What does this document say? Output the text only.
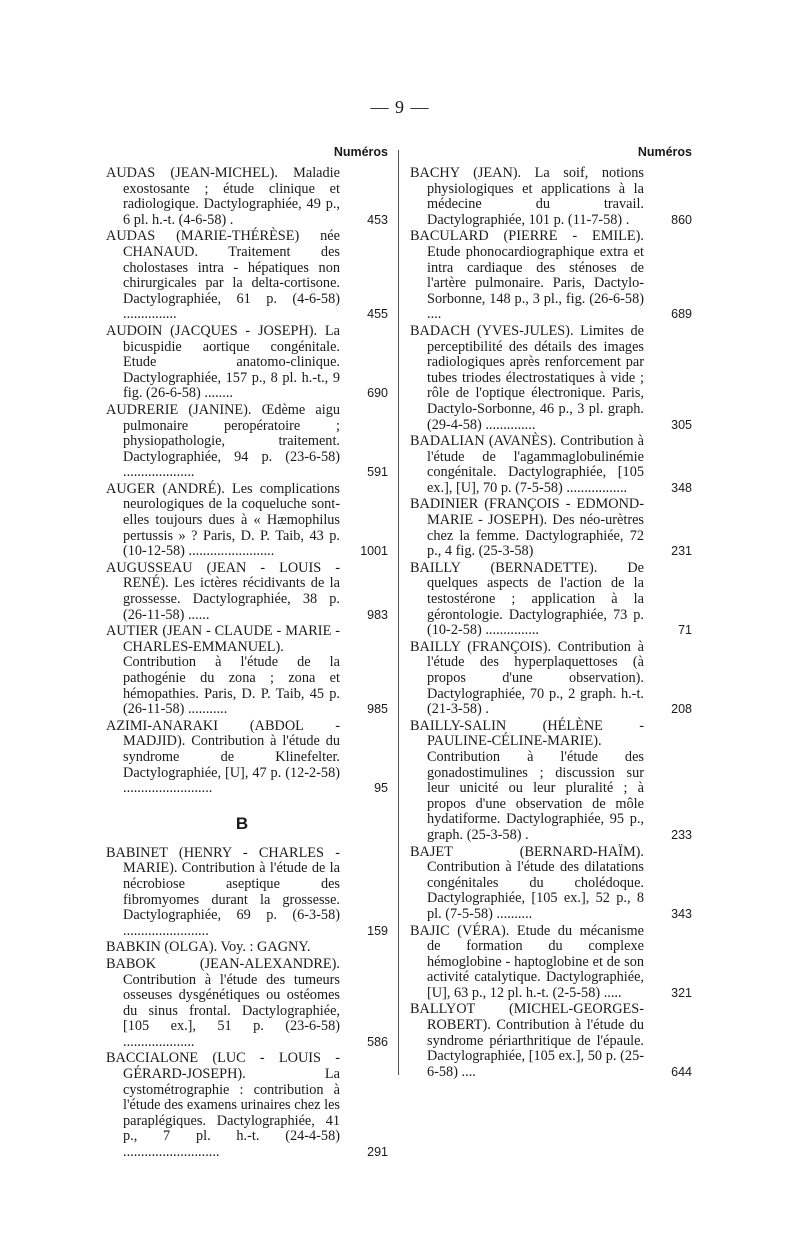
— 9 —
Numéros
AUDAS (JEAN-MICHEL). Maladie exostosante ; étude clinique et radiologique. Dactylographiée, 49 p., 6 pl. h.-t. (4-6-58) .	453
AUDAS (MARIE-THÉRÈSE) née CHANAUD. Traitement des cholostases intra - hépatiques non chirurgicales par la delta-cortisone. Dactylographiée, 61 p. (4-6-58) ...............	455
AUDOIN (JACQUES - JOSEPH). La bicuspidie aortique congénitale. Etude anatomo-clinique. Dactylographiée, 157 p., 8 pl. h.-t., 9 fig. (26-6-58) ........	690
AUDRERIE (JANINE). Œdème aigu pulmonaire peropératoire ; physiopathologie, traitement. Dactylographiée, 94 p. (23-6-58) ....................	591
AUGER (ANDRÉ). Les complications neurologiques de la coqueluche sont-elles toujours dues à « Hæmophilus pertussis » ? Paris, D. P. Taib, 43 p. (10-12-58) ........................	1001
AUGUSSEAU (JEAN - LOUIS - RENÉ). Les ictères récidivants de la grossesse. Dactylographiée, 38 p. (26-11-58) ......	983
AUTIER (JEAN - CLAUDE - MARIE - CHARLES-EMMANUEL). Contribution à l'étude de la pathogénie du zona ; zona et hémopathies. Paris, D. P. Taib, 45 p. (26-11-58) ...........	985
AZIMI-ANARAKI (ABDOL - MADJID). Contribution à l'étude du syndrome de Klinefelter. Dactylographiée, [U], 47 p. (12-2-58) .........................	95
B
BABINET (HENRY - CHARLES - MARIE). Contribution à l'étude de la nécrobiose aseptique des fibromyomes durant la grossesse. Dactylographiée, 69 p. (6-3-58) ........................	159
BABKIN (OLGA). Voy. : GAGNY.
BABOK (JEAN-ALEXANDRE). Contribution à l'étude des tumeurs osseuses dysgénétiques ou ostéomes du sinus frontal. Dactylographiée, [105 ex.], 51 p. (23-6-58) ....................	586
BACCIALONE (LUC - LOUIS - GÉRARD-JOSEPH). La cystométrographie : contribution à l'étude des examens urinaires chez les paraplégiques. Dactylographiée, 41 p., 7 pl. h.-t. (24-4-58) ...........................	291
Numéros
BACHY (JEAN). La soif, notions physiologiques et applications à la médecine du travail. Dactylographiée, 101 p. (11-7-58) .	860
BACULARD (PIERRE - EMILE). Etude phonocardiographique extra et intra cardiaque des sténoses de l'artère pulmonaire. Paris, Dactylo-Sorbonne, 148 p., 3 pl., fig. (26-6-58) ....	689
BADACH (YVES-JULES). Limites de perceptibilité des détails des images radiologiques après renforcement par tubes triodes électrostatiques à vide ; rôle de l'optique électronique. Paris, Dactylo-Sorbonne, 46 p., 3 pl. graph. (29-4-58) ..............	305
BADALIAN (AVANÈS). Contribution à l'étude de l'agammaglobulinémie congénitale. Dactylographiée, [105 ex.], [U], 70 p. (7-5-58) .................	348
BADINIER (FRANÇOIS - EDMOND-MARIE - JOSEPH). Des néo-urètres chez la femme. Dactylographiée, 72 p., 4 fig. (25-3-58)	231
BAILLY (BERNADETTE). De quelques aspects de l'action de la testostérone ; application à la gérontologie. Dactylographiée, 73 p. (10-2-58) ...............	71
BAILLY (FRANÇOIS). Contribution à l'étude des hyperplaquettoses (à propos d'une observation). Dactylographiée, 70 p., 2 graph. h.-t. (21-3-58) .	208
BAILLY-SALIN (HÉLÈNE - PAULINE-CÉLINE-MARIE). Contribution à l'étude des gonadostimulines ; discussion sur leur unicité ou leur pluralité ; à propos d'une observation de môle hydatiforme. Dactylographiée, 95 p., graph. (25-3-58) .	233
BAJET (BERNARD-HAÏM). Contribution à l'étude des dilatations congénitales du cholédoque. Dactylographiée, [105 ex.], 52 p., 8 pl. (7-5-58) ..........	343
BAJIC (VÉRA). Etude du mécanisme de formation du complexe hémoglobine - haptoglobine et de son activité catalytique. Dactylographiée, [U], 63 p., 12 pl. h.-t. (2-5-58) .....	321
BALLYOT (MICHEL-GEORGES-ROBERT). Contribution à l'étude du syndrome périarthritique de l'épaule. Dactylographiée, [105 ex.], 50 p. (25-6-58) ....	644
